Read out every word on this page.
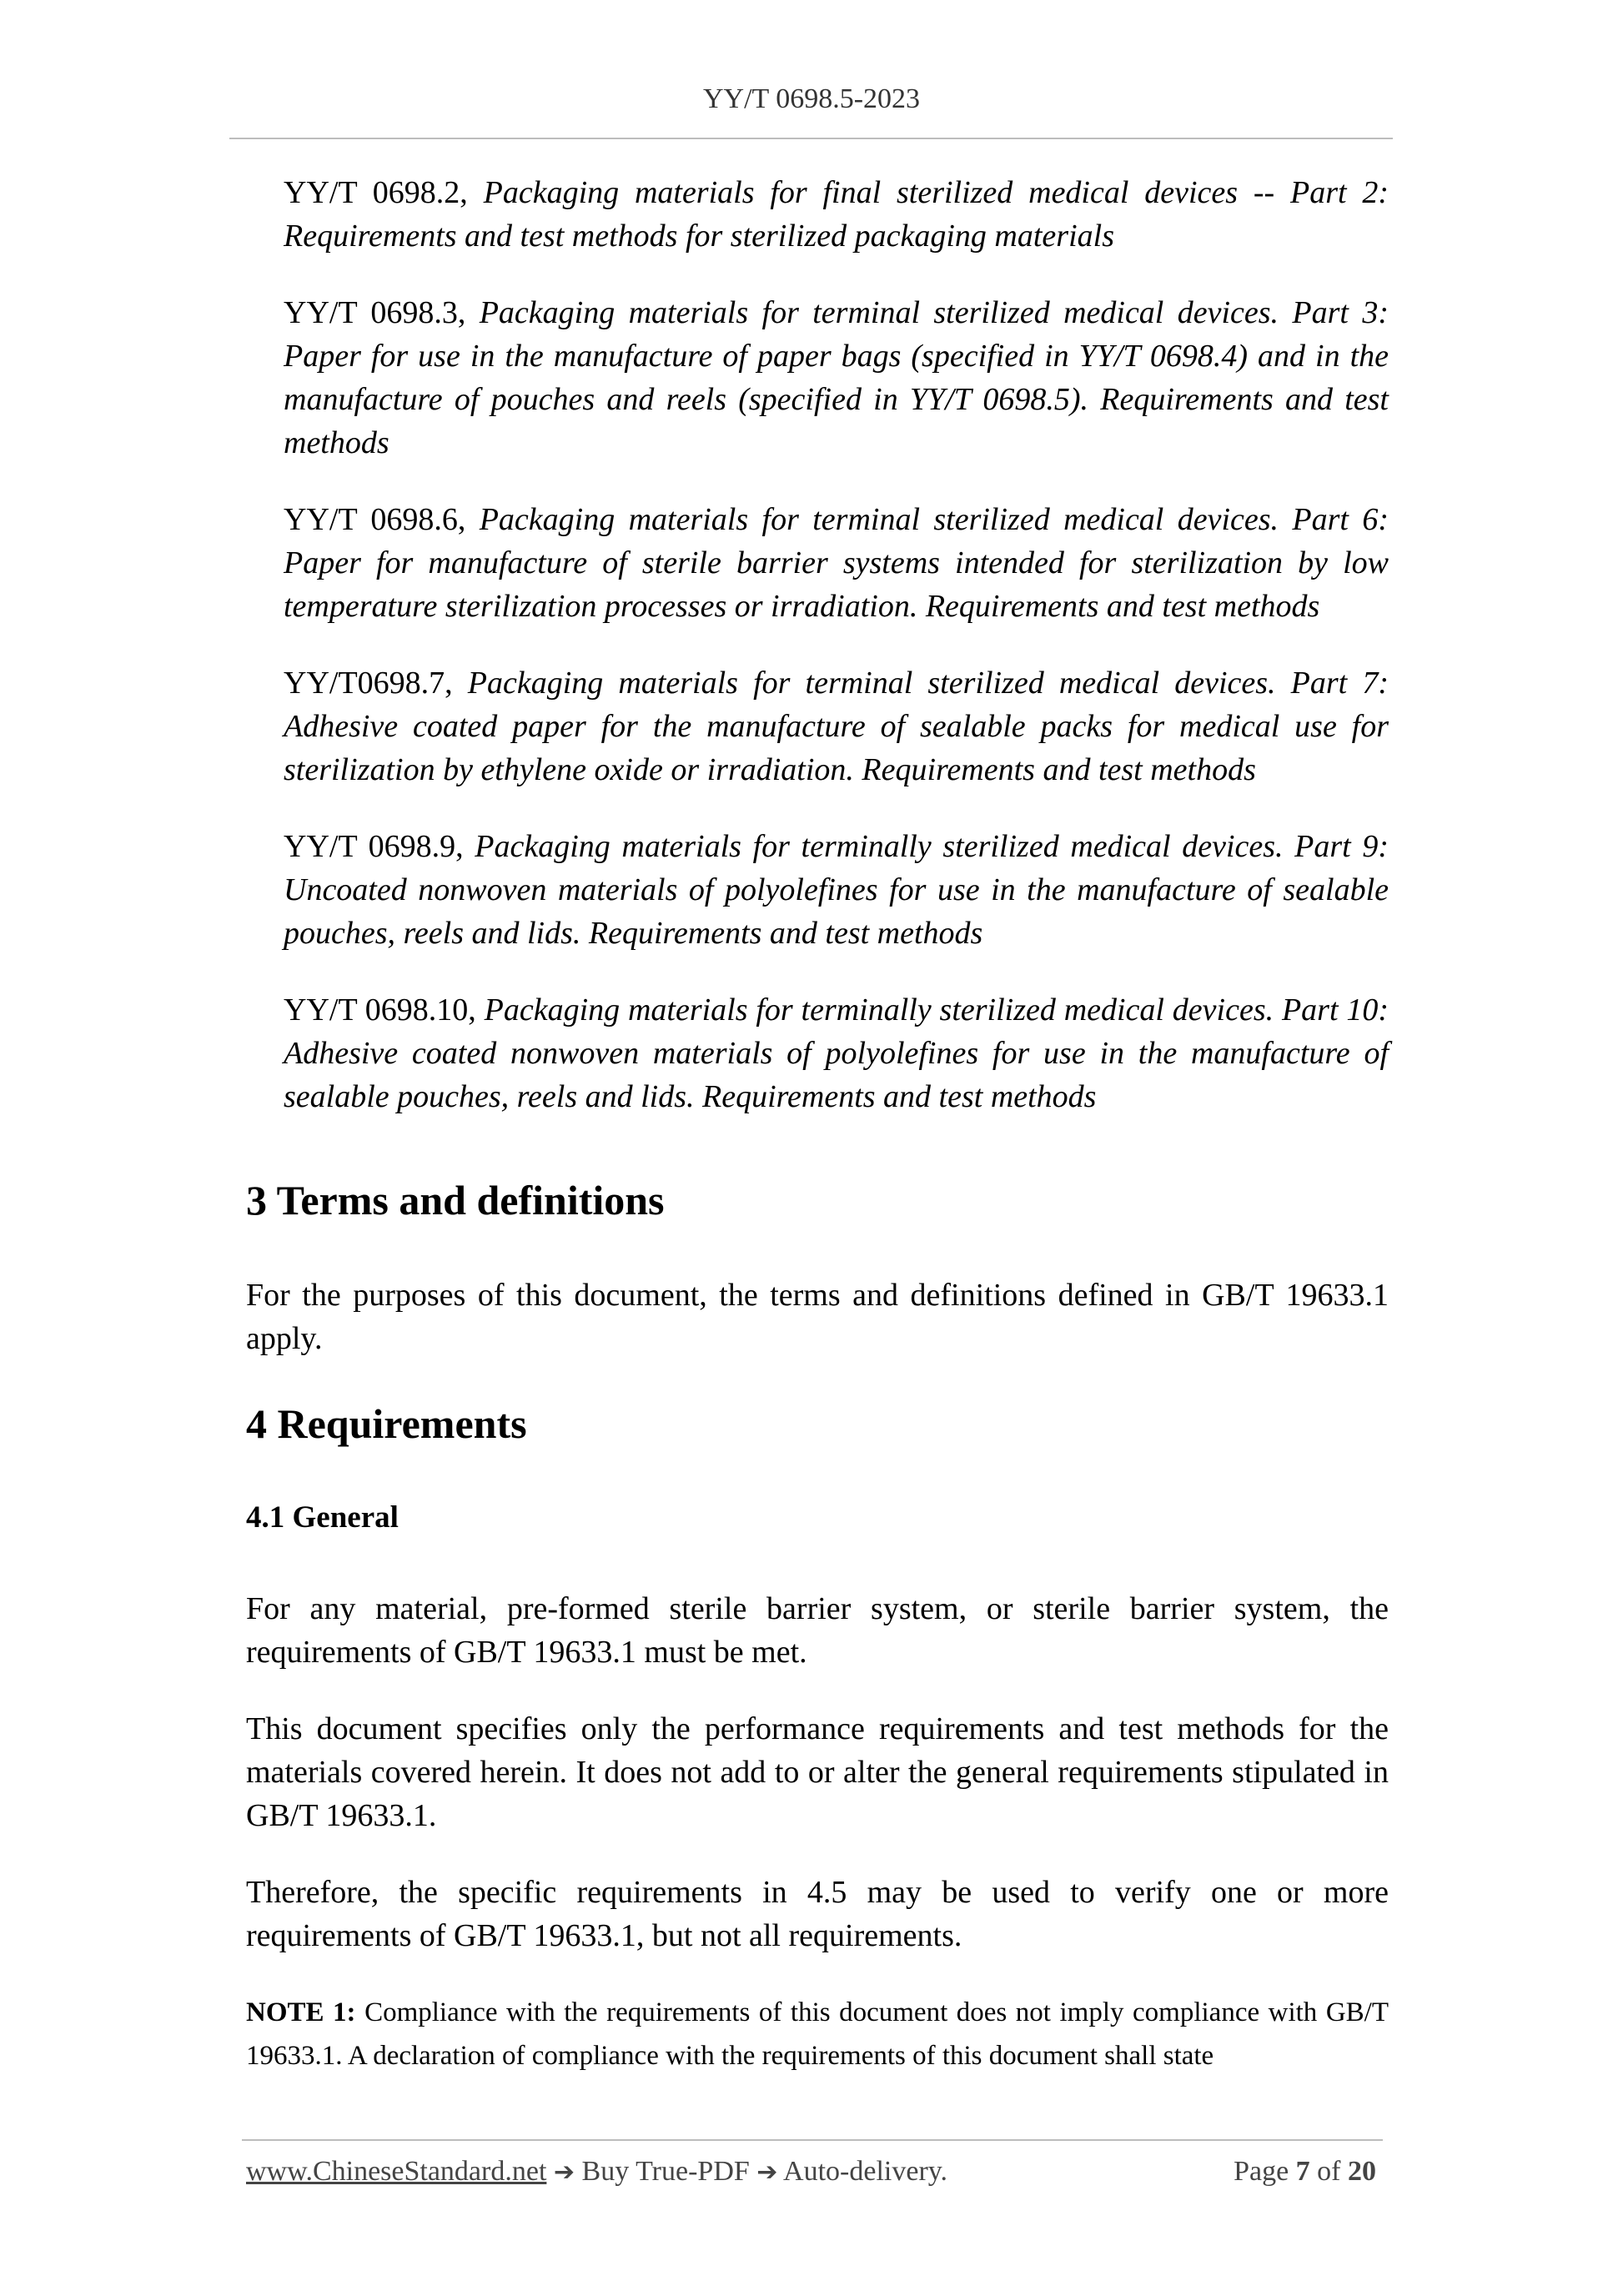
YY/T 0698.5-2023

YY/T 0698.2, Packaging materials for final sterilized medical devices -- Part 2: Requirements and test methods for sterilized packaging materials

YY/T 0698.3, Packaging materials for terminal sterilized medical devices. Part 3: Paper for use in the manufacture of paper bags (specified in YY/T 0698.4) and in the manufacture of pouches and reels (specified in YY/T 0698.5). Requirements and test methods

YY/T 0698.6, Packaging materials for terminal sterilized medical devices. Part 6: Paper for manufacture of sterile barrier systems intended for sterilization by low temperature sterilization processes or irradiation. Requirements and test methods

YY/T0698.7, Packaging materials for terminal sterilized medical devices. Part 7: Adhesive coated paper for the manufacture of sealable packs for medical use for sterilization by ethylene oxide or irradiation. Requirements and test methods

YY/T 0698.9, Packaging materials for terminally sterilized medical devices. Part 9: Uncoated nonwoven materials of polyolefines for use in the manufacture of sealable pouches, reels and lids. Requirements and test methods

YY/T 0698.10, Packaging materials for terminally sterilized medical devices. Part 10: Adhesive coated nonwoven materials of polyolefines for use in the manufacture of sealable pouches, reels and lids. Requirements and test methods

3 Terms and definitions

For the purposes of this document, the terms and definitions defined in GB/T 19633.1 apply.

4 Requirements
4.1 General

For any material, pre-formed sterile barrier system, or sterile barrier system, the requirements of GB/T 19633.1 must be met.

This document specifies only the performance requirements and test methods for the materials covered herein. It does not add to or alter the general requirements stipulated in GB/T 19633.1.

Therefore, the specific requirements in 4.5 may be used to verify one or more requirements of GB/T 19633.1, but not all requirements.

NOTE 1: Compliance with the requirements of this document does not imply compliance with GB/T 19633.1. A declaration of compliance with the requirements of this document shall state

www.ChineseStandard.net ➔ Buy True-PDF ➔ Auto-delivery.	Page 7 of 20
